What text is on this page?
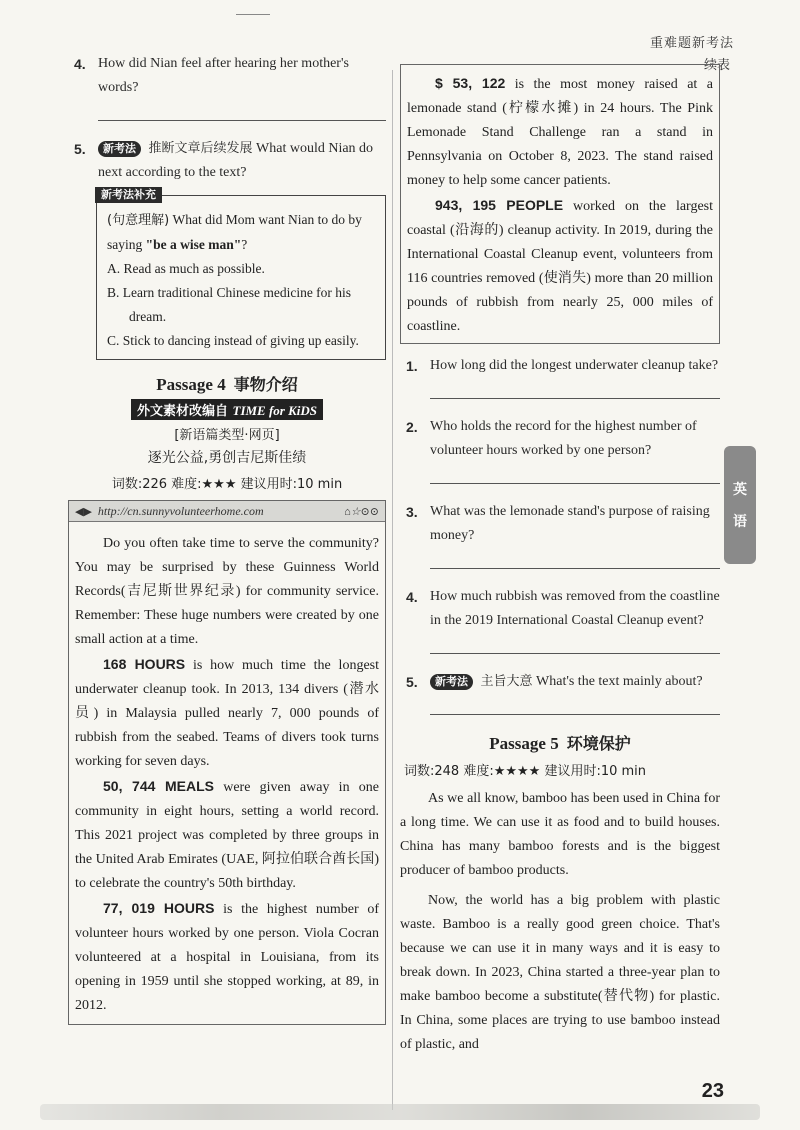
重难题新考法
4. How did Nian feel after hearing her mother's words?
5. 新考法 推断文章后续发展 What would Nian do next according to the text?
新考法补充
(句意理解) What did Mom want Nian to do by saying "be a wise man"?
A. Read as much as possible.
B. Learn traditional Chinese medicine for his dream.
C. Stick to dancing instead of giving up easily.
Passage 4 事物介绍
外文素材改编自 TIME for KiDS
[新语篇类型·网页]
逐光公益,勇创吉尼斯佳绩
词数:226 难度:★★★ 建议用时:10 min
◀▶ http://cn.sunnyvolunteerhome.com	⌂☆⊙⊙

Do you often take time to serve the community? You may be surprised by these Guinness World Records(吉尼斯世界纪录) for community service. Remember: These huge numbers were created by one small action at a time.

168 HOURS is how much time the longest underwater cleanup took. In 2013, 134 divers (潜水员) in Malaysia pulled nearly 7, 000 pounds of rubbish from the seabed. Teams of divers took turns working for seven days.

50, 744 MEALS were given away in one community in eight hours, setting a world record. This 2021 project was completed by three groups in the United Arab Emirates (UAE, 阿拉伯联合酋长国) to celebrate the country's 50th birthday.

77, 019 HOURS is the highest number of volunteer hours worked by one person. Viola Cocran volunteered at a hospital in Louisiana, from its opening in 1959 until she stopped working, at 89, in 2012.

续表

$ 53, 122 is the most money raised at a lemonade stand (柠檬水摊) in 24 hours. The Pink Lemonade Stand Challenge ran a stand in Pennsylvania on October 8, 2023. The stand raised money to help some cancer patients.

943, 195 PEOPLE worked on the largest coastal (沿海的) cleanup activity. In 2019, during the International Coastal Cleanup event, volunteers from 116 countries removed (使消失) more than 20 million pounds of rubbish from nearly 25, 000 miles of coastline.

1. How long did the longest underwater cleanup take?
2. Who holds the record for the highest number of volunteer hours worked by one person?
3. What was the lemonade stand's purpose of raising money?
4. How much rubbish was removed from the coastline in the 2019 International Coastal Cleanup event?
5. 新考法 主旨大意 What's the text mainly about?
Passage 5 环境保护
词数:248 难度:★★★★ 建议用时:10 min

As we all know, bamboo has been used in China for a long time. We can use it as food and to build houses. China has many bamboo forests and is the biggest producer of bamboo products.

Now, the world has a big problem with plastic waste. Bamboo is a really good green choice. That's because we can use it in many ways and it is easy to break down. In 2023, China started a three-year plan to make bamboo become a substitute(替代物) for plastic. In China, some places are trying to use bamboo instead of plastic, and

英
语
23
